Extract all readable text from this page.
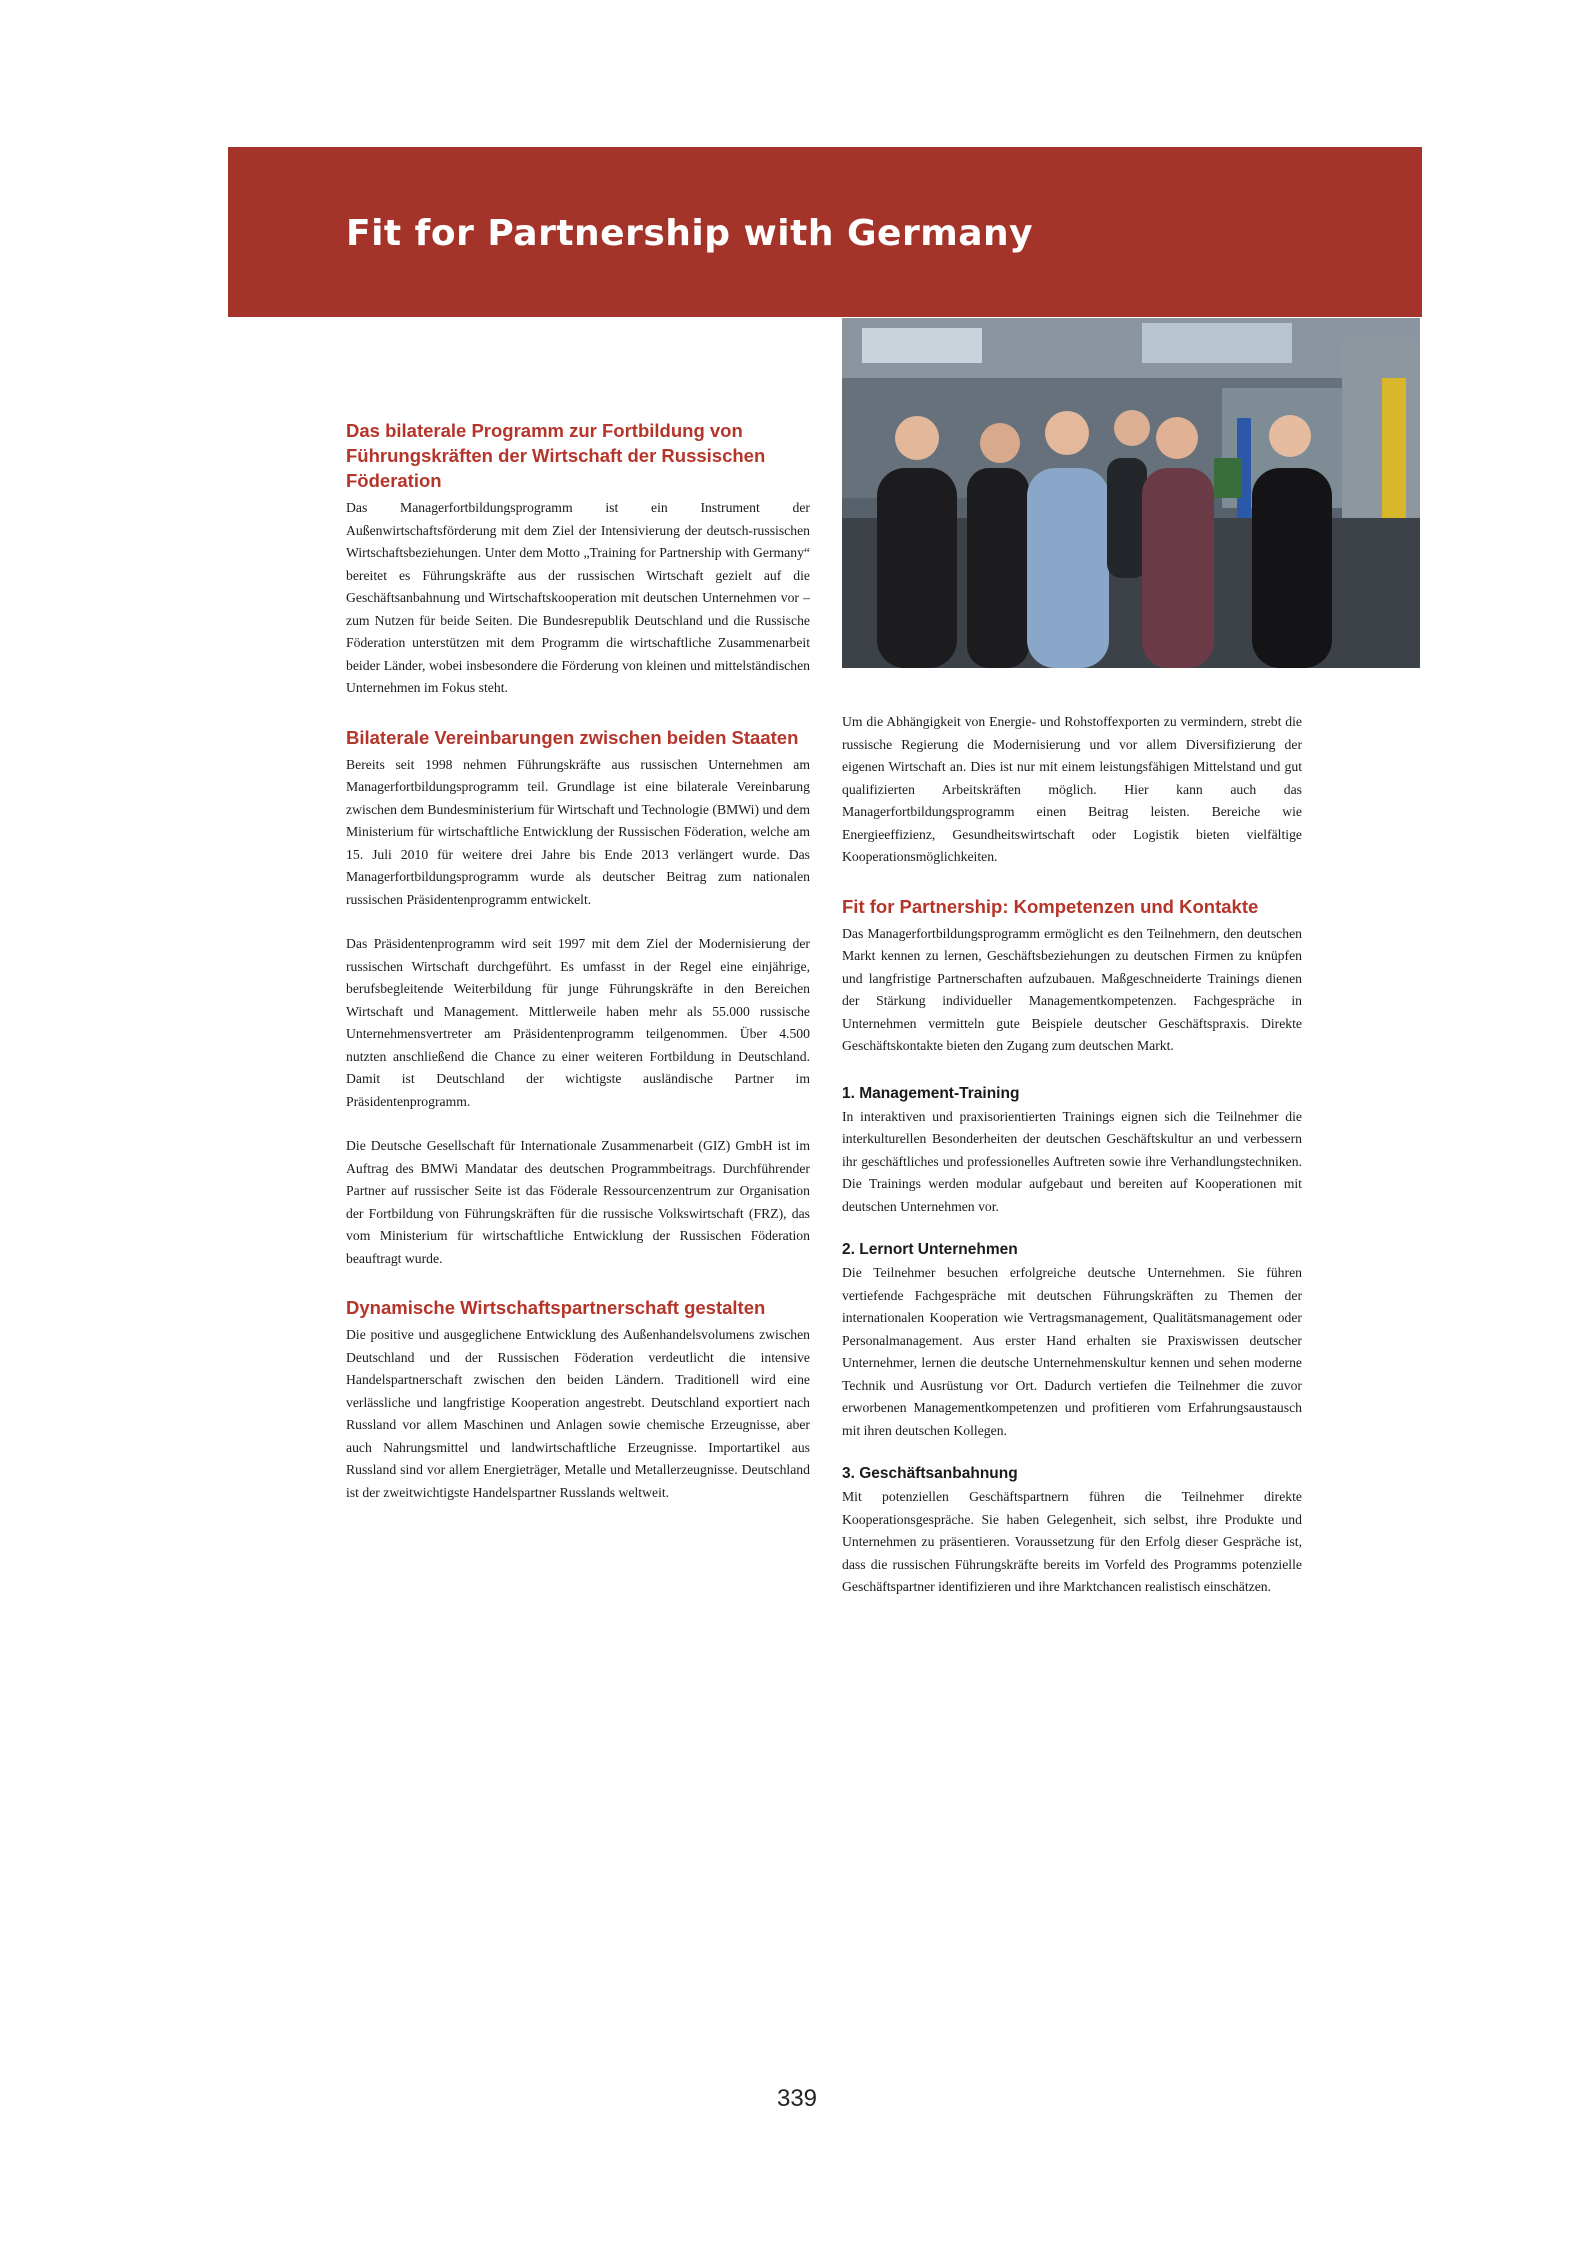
Fit for Partnership with Germany
Das bilaterale Programm zur Fortbildung von Führungskräften der Wirtschaft der Russischen Föderation

Das Managerfortbildungsprogramm ist ein Instrument der Außenwirtschaftsförderung mit dem Ziel der Intensivierung der deutsch-russischen Wirtschaftsbeziehungen. Unter dem Motto „Training for Partnership with Germany“ bereitet es Führungskräfte aus der russischen Wirtschaft gezielt auf die Geschäftsanbahnung und Wirtschaftskooperation mit deutschen Unternehmen vor – zum Nutzen für beide Seiten. Die Bundesrepublik Deutschland und die Russische Föderation unterstützen mit dem Programm die wirtschaftliche Zusammenarbeit beider Länder, wobei insbesondere die Förderung von kleinen und mittelständischen Unternehmen im Fokus steht.

Bilaterale Vereinbarungen zwischen beiden Staaten

Bereits seit 1998 nehmen Führungskräfte aus russischen Unternehmen am Managerfortbildungsprogramm teil. Grundlage ist eine bilaterale Vereinbarung zwischen dem Bundesministerium für Wirtschaft und Technologie (BMWi) und dem Ministerium für wirtschaftliche Entwicklung der Russischen Föderation, welche am 15. Juli 2010 für weitere drei Jahre bis Ende 2013 verlängert wurde. Das Managerfortbildungsprogramm wurde als deutscher Beitrag zum nationalen russischen Präsidentenprogramm entwickelt.

Das Präsidentenprogramm wird seit 1997 mit dem Ziel der Modernisierung der russischen Wirtschaft durchgeführt. Es umfasst in der Regel eine einjährige, berufsbegleitende Weiterbildung für junge Führungskräfte in den Bereichen Wirtschaft und Management. Mittlerweile haben mehr als 55.000 russische Unternehmensvertreter am Präsidentenprogramm teilgenommen. Über 4.500 nutzten anschließend die Chance zu einer weiteren Fortbildung in Deutschland. Damit ist Deutschland der wichtigste ausländische Partner im Präsidentenprogramm.

Die Deutsche Gesellschaft für Internationale Zusammenarbeit (GIZ) GmbH ist im Auftrag des BMWi Mandatar des deutschen Programmbeitrags. Durchführender Partner auf russischer Seite ist das Föderale Ressourcenzentrum zur Organisation der Fortbildung von Führungskräften für die russische Volkswirtschaft (FRZ), das vom Ministerium für wirtschaftliche Entwicklung der Russischen Föderation beauftragt wurde.

Dynamische Wirtschaftspartnerschaft gestalten

Die positive und ausgeglichene Entwicklung des Außenhandelsvolumens zwischen Deutschland und der Russischen Föderation verdeutlicht die intensive Handelspartnerschaft zwischen den beiden Ländern. Traditionell wird eine verlässliche und langfristige Kooperation angestrebt. Deutschland exportiert nach Russland vor allem Maschinen und Anlagen sowie chemische Erzeugnisse, aber auch Nahrungsmittel und landwirtschaftliche Erzeugnisse. Importartikel aus Russland sind vor allem Energieträger, Metalle und Metallerzeugnisse. Deutschland ist der zweitwichtigste Handelspartner Russlands weltweit.

Um die Abhängigkeit von Energie- und Rohstoffexporten zu vermindern, strebt die russische Regierung die Modernisierung und vor allem Diversifizierung der eigenen Wirtschaft an. Dies ist nur mit einem leistungsfähigen Mittelstand und gut qualifizierten Arbeitskräften möglich. Hier kann auch das Managerfortbildungsprogramm einen Beitrag leisten. Bereiche wie Energieeffizienz, Gesundheitswirtschaft oder Logistik bieten vielfältige Kooperationsmöglichkeiten.

Fit for Partnership: Kompetenzen und Kontakte

Das Managerfortbildungsprogramm ermöglicht es den Teilnehmern, den deutschen Markt kennen zu lernen, Geschäftsbeziehungen zu deutschen Firmen zu knüpfen und langfristige Partnerschaften aufzubauen. Maßgeschneiderte Trainings dienen der Stärkung individueller Managementkompetenzen. Fachgespräche in Unternehmen vermitteln gute Beispiele deutscher Geschäftspraxis. Direkte Geschäftskontakte bieten den Zugang zum deutschen Markt.

1. Management-Training

In interaktiven und praxisorientierten Trainings eignen sich die Teilnehmer die interkulturellen Besonderheiten der deutschen Geschäftskultur an und verbessern ihr geschäftliches und professionelles Auftreten sowie ihre Verhandlungstechniken. Die Trainings werden modular aufgebaut und bereiten auf Kooperationen mit deutschen Unternehmen vor.

2. Lernort Unternehmen

Die Teilnehmer besuchen erfolgreiche deutsche Unternehmen. Sie führen vertiefende Fachgespräche mit deutschen Führungskräften zu Themen der internationalen Kooperation wie Vertragsmanagement, Qualitätsmanagement oder Personalmanagement. Aus erster Hand erhalten sie Praxiswissen deutscher Unternehmer, lernen die deutsche Unternehmenskultur kennen und sehen moderne Technik und Ausrüstung vor Ort. Dadurch vertiefen die Teilnehmer die zuvor erworbenen Managementkompetenzen und profitieren vom Erfahrungsaustausch mit ihren deutschen Kollegen.

3. Geschäftsanbahnung

Mit potenziellen Geschäftspartnern führen die Teilnehmer direkte Kooperationsgespräche. Sie haben Gelegenheit, sich selbst, ihre Produkte und Unternehmen zu präsentieren. Voraussetzung für den Erfolg dieser Gespräche ist, dass die russischen Führungskräfte bereits im Vorfeld des Programms potenzielle Geschäftspartner identifizieren und ihre Marktchancen realistisch einschätzen.

339
